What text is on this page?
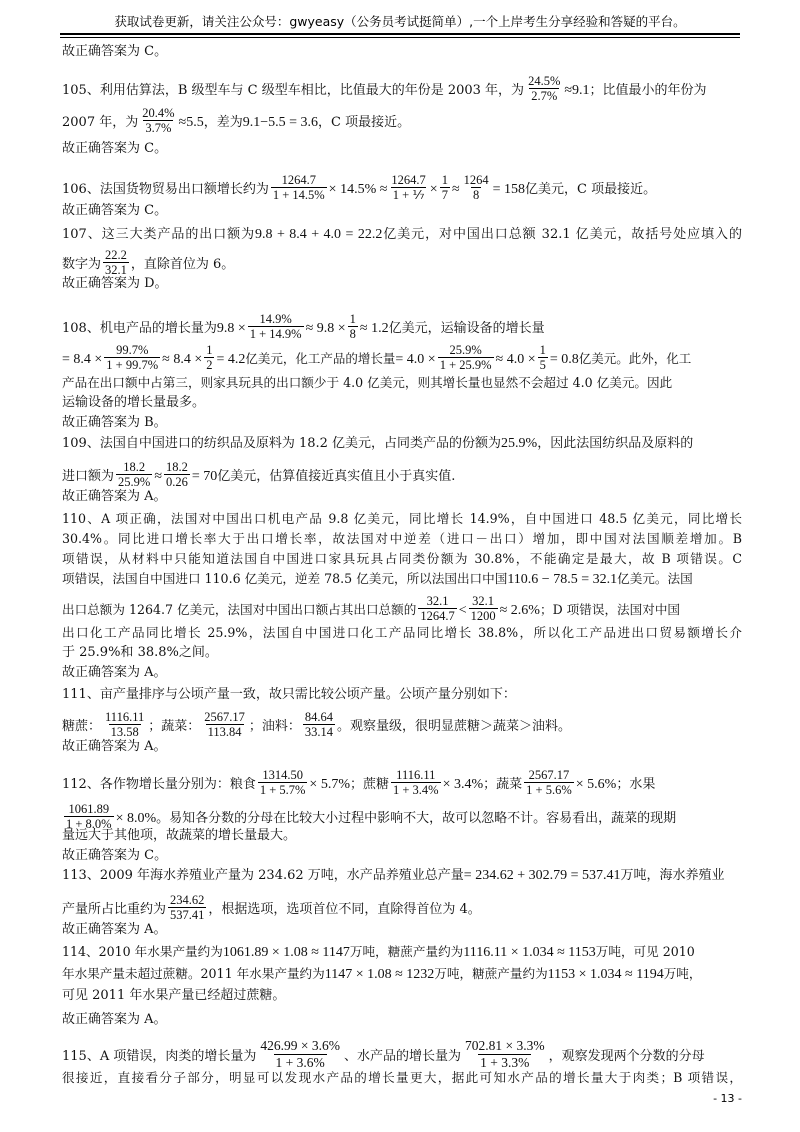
获取试卷更新，请关注公众号：gwyeasy（公务员考试挺简单）,一个上岸考生分享经验和答疑的平台。
故正确答案为 C。
105、利用估算法，B 级型车与 C 级型车相比，比值最大的年份是 2003 年，为 $\frac{24.5\%}{2.7\%} \approx 9.1$；比值最小的年份为
2007 年，为 $\frac{20.4\%}{3.7\%} \approx 5.5$，差为9.1−5.5 = 3.6，C 项最接近。
故正确答案为 C。
106、法国货物贸易出口额增长约为 $\frac{1264.7}{1 + 14.5\%} \times 14.5\% \approx \frac{1264.7}{\text{1 + ⅐}} \times \frac{1}{7} \approx \frac{1264}{8} = 158$亿美元，C 项最接近。
故正确答案为 C。
107、这三大类产品的出口额为9.8 + 8.4 + 4.0 = 22.2亿美元，对中国出口总额 32.1 亿美元，故括号处应填入的
数字为 $\frac{22.2}{32.1}$ ，直除首位为 6。
故正确答案为 D。
108、机电产品的增长量为$9.8 \times \frac{14.9\%}{1 + 14.9\%} \approx 9.8 \times \frac{1}{8} \approx 1.2$亿美元，运输设备的增长量
= $8.4 \times \frac{99.7\%}{1 + 99.7\%} \approx 8.4 \times \frac{1}{2} = 4.2$亿美元，化工产品的增长量= $4.0 \times \frac{25.9\%}{1 + 25.9\%} \approx 4.0 \times \frac{1}{5} = 0.8$亿美元。此外，化工
产品在出口额中占第三，则家具玩具的出口额少于 4.0 亿美元，则其增长量也显然不会超过 4.0 亿美元。因此
运输设备的增长量最多。
故正确答案为 B。
109、法国自中国进口的纺织品及原料为 18.2 亿美元，占同类产品的份额为25.9%，因此法国纺织品及原料的
进口额为 $\frac{18.2}{25.9\%} \approx \frac{18.2}{0.26} = 70$亿美元，估算值接近真实值且小于真实值.
故正确答案为 A。
110、A 项正确，法国对中国出口机电产品 9.8 亿美元，同比增长 14.9%，自中国进口 48.5 亿美元，同比增长
30.4%。同比进口增长率大于出口增长率，故法国对中逆差（进口－出口）增加，即中国对法国顺差增加。B
项错误，从材料中只能知道法国自中国进口家具玩具占同类份额为 30.8%，不能确定是最大，故 B 项错误。C
项错误，法国自中国进口 110.6 亿美元，逆差 78.5 亿美元，所以法国出口中国110.6 − 78.5 = 32.1亿美元。法国
出口总额为 1264.7 亿美元，法国对中国出口额占其出口总额的 $\frac{32.1}{1264.7} < \frac{32.1}{1200} \approx 2.6\%$；D 项错误，法国对中国
出口化工产品同比增长 25.9%，法国自中国进口化工产品同比增长 38.8%，所以化工产品进出口贸易额增长介
于 25.9%和 38.8%之间。
故正确答案为 A。
111、亩产量排序与公顷产量一致，故只需比较公顷产量。公顷产量分别如下：
糖蔗： $\frac{1116.11}{13.58}$ ；蔬菜： $\frac{2567.17}{113.84}$ ；油料： $\frac{84.64}{33.14}$ 。观察量级，很明显蔗糖＞蔬菜＞油料。
故正确答案为 A。
112、各作物增长量分别为：粮食 $\frac{1314.50}{1 + 5.7\%} \times 5.7\%$；蔗糖 $\frac{1116.11}{1 + 3.4\%} \times 3.4\%$；蔬菜 $\frac{2567.17}{1 + 5.6\%} \times 5.6\%$；水果
$\frac{1061.89}{1 + 8.0\%} \times 8.0\%$。易知各分数的分母在比较大小过程中影响不大，故可以忽略不计。容易看出，蔬菜的现期
量远大于其他项，故蔬菜的增长量最大。
故正确答案为 C。
113、2009 年海水养殖业产量为 234.62 万吨，水产品养殖业总产量= 234.62 + 302.79 = 537.41万吨，海水养殖业
产量所占比重约为 $\frac{234.62}{537.41}$ ，根据选项，选项首位不同，直除得首位为 4。
故正确答案为 A。
114、2010 年水果产量约为1061.89 × 1.08 ≈ 1147万吨，糖蔗产量约为1116.11 × 1.034 ≈ 1153万吨，可见 2010
年水果产量未超过蔗糖。2011 年水果产量约为1147 × 1.08 ≈ 1232万吨，糖蔗产量约为1153 × 1.034 ≈ 1194万吨，
可见 2011 年水果产量已经超过蔗糖。
故正确答案为 A。
115、A 项错误，肉类的增长量为 $\frac{426.99 \times 3.6\%}{1 + 3.6\%}$ 、水产品的增长量为 $\frac{702.81 \times 3.3\%}{1 + 3.3\%}$ ，观察发现两个分数的分母
很接近，直接看分子部分，明显可以发现水产品的增长量更大，据此可知水产品的增长量大于肉类；B 项错误，
- 13 -
